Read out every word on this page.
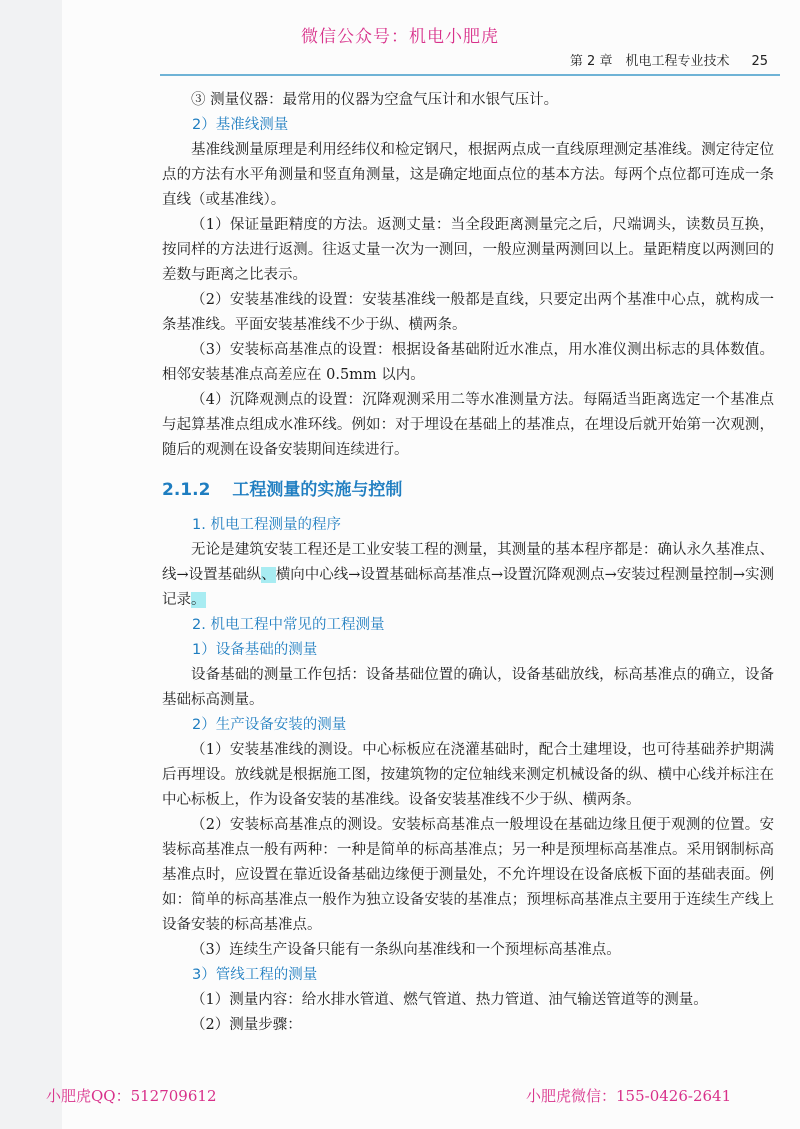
微信公众号：机电小肥虎
第 2 章　机电工程专业技术 25

③ 测量仪器：最常用的仪器为空盒气压计和水银气压计。

2）基准线测量

基准线测量原理是利用经纬仪和检定钢尺，根据两点成一直线原理测定基准线。测定待定位点的方法有水平角测量和竖直角测量，这是确定地面点位的基本方法。每两个点位都可连成一条直线（或基准线）。

（1）保证量距精度的方法。返测丈量：当全段距离测量完之后，尺端调头，读数员互换，按同样的方法进行返测。往返丈量一次为一测回，一般应测量两测回以上。量距精度以两测回的差数与距离之比表示。

（2）安装基准线的设置：安装基准线一般都是直线，只要定出两个基准中心点，就构成一条基准线。平面安装基准线不少于纵、横两条。

（3）安装标高基准点的设置：根据设备基础附近水准点，用水准仪测出标志的具体数值。相邻安装基准点高差应在 0.5mm 以内。

（4）沉降观测点的设置：沉降观测采用二等水准测量方法。每隔适当距离选定一个基准点与起算基准点组成水准环线。例如：对于埋设在基础上的基准点，在埋设后就开始第一次观测，随后的观测在设备安装期间连续进行。

2.1.2 工程测量的实施与控制

1. 机电工程测量的程序

无论是建筑安装工程还是工业安装工程的测量，其测量的基本程序都是：确认永久基准点、线→设置基础纵、横向中心线→设置基础标高基准点→设置沉降观测点→安装过程测量控制→实测记录。

2. 机电工程中常见的工程测量

1）设备基础的测量

设备基础的测量工作包括：设备基础位置的确认，设备基础放线，标高基准点的确立，设备基础标高测量。

2）生产设备安装的测量

（1）安装基准线的测设。中心标板应在浇灌基础时，配合土建埋设，也可待基础养护期满后再埋设。放线就是根据施工图，按建筑物的定位轴线来测定机械设备的纵、横中心线并标注在中心标板上，作为设备安装的基准线。设备安装基准线不少于纵、横两条。

（2）安装标高基准点的测设。安装标高基准点一般埋设在基础边缘且便于观测的位置。安装标高基准点一般有两种：一种是简单的标高基准点；另一种是预埋标高基准点。采用钢制标高基准点时，应设置在靠近设备基础边缘便于测量处，不允许埋设在设备底板下面的基础表面。例如：简单的标高基准点一般作为独立设备安装的基准点；预埋标高基准点主要用于连续生产线上设备安装的标高基准点。

（3）连续生产设备只能有一条纵向基准线和一个预埋标高基准点。

3）管线工程的测量

（1）测量内容：给水排水管道、燃气管道、热力管道、油气输送管道等的测量。

（2）测量步骤：

小肥虎QQ：512709612	小肥虎微信：155-0426-2641
